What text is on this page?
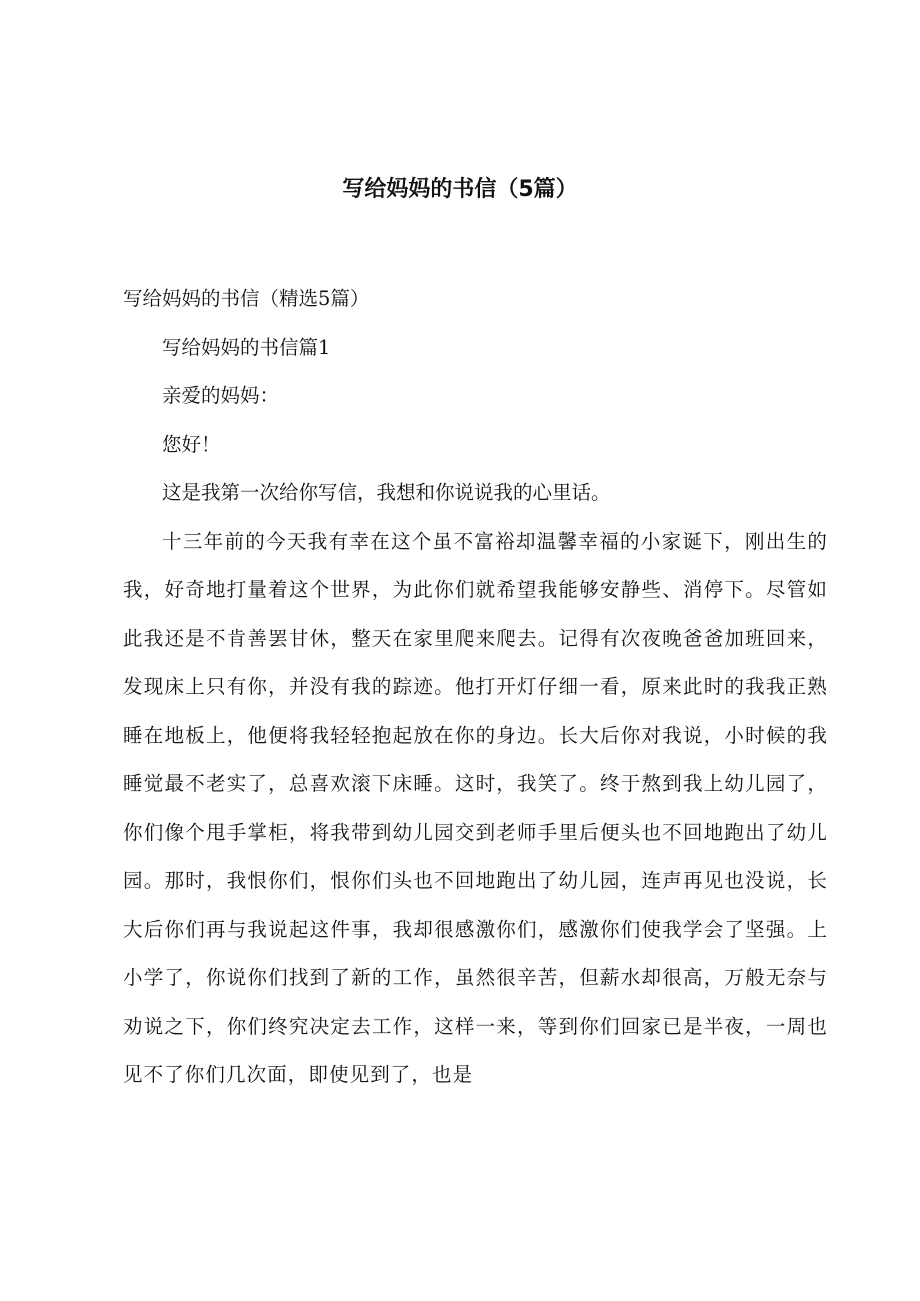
写给妈妈的书信（5篇）

写给妈妈的书信（精选5篇）

写给妈妈的书信篇1

亲爱的妈妈：

您好！

这是我第一次给你写信，我想和你说说我的心里话。

十三年前的今天我有幸在这个虽不富裕却温馨幸福的小家诞下，刚出生的我，好奇地打量着这个世界，为此你们就希望我能够安静些、消停下。尽管如此我还是不肯善罢甘休，整天在家里爬来爬去。记得有次夜晚爸爸加班回来，发现床上只有你，并没有我的踪迹。他打开灯仔细一看，原来此时的我我正熟睡在地板上，他便将我轻轻抱起放在你的身边。长大后你对我说，小时候的我睡觉最不老实了，总喜欢滚下床睡。这时，我笑了。终于熬到我上幼儿园了，你们像个甩手掌柜，将我带到幼儿园交到老师手里后便头也不回地跑出了幼儿园。那时，我恨你们，恨你们头也不回地跑出了幼儿园，连声再见也没说，长大后你们再与我说起这件事，我却很感激你们，感激你们使我学会了坚强。上小学了，你说你们找到了新的工作，虽然很辛苦，但薪水却很高，万般无奈与劝说之下，你们终究决定去工作，这样一来，等到你们回家已是半夜，一周也见不了你们几次面，即使见到了，也是
